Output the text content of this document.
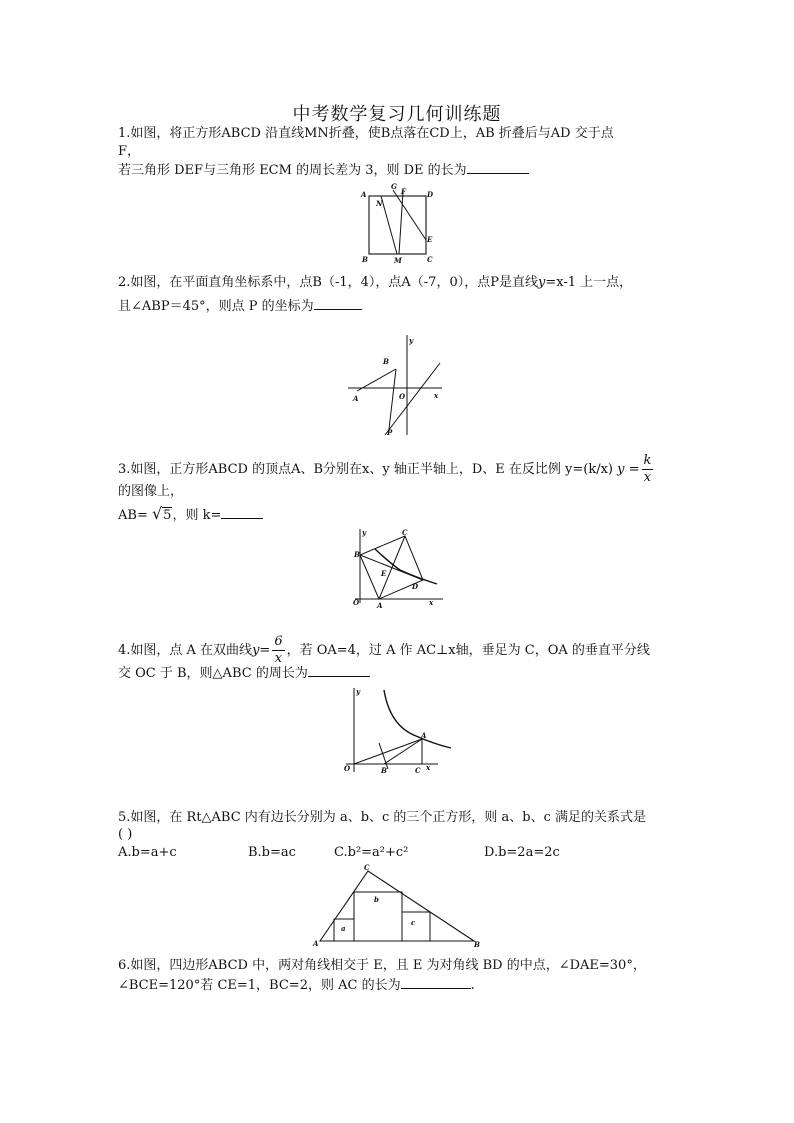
中考数学复习几何训练题
1.如图，将正方形ABCD 沿直线MN折叠，使B点落在CD上，AB 折叠后与AD 交于点
F，
若三角形 DEF与三角形 ECM 的周长差为 3，则 DE 的长为
A
G
F	D
N
E
B	M	C
2.如图，在平面直角坐标系中，点B（-1，4），点A（-7，0），点P是直线y=x-1 上一点，
且∠ABP＝45°，则点 P 的坐标为
y
B
A	O	x
P
3.如图，正方形ABCD 的顶点A、B分别在x、y 轴正半轴上，D、E 在反比例 y=(k/x) $y = \frac{k}{x}$
的图像上，
AB= √5，则 k=
y
B
C
E
D
O	A	x
4.如图，点 A 在双曲线$y= \frac{6}{x}$ ，若 OA=4，过 A 作 AC⊥x轴，垂足为 C，OA 的垂直平分线
交 OC 于 B，则△ABC 的周长为
y
A
O	B	C x
5.如图，在 Rt△ABC 内有边长分别为 a、b、c 的三个正方形，则 a、b、c 满足的关系式是
( )
A.b=a+c	B.b=ac	C.b²=a²+c²	D.b=2a=2c
C
b
c
a
A	B
6.如图，四边形ABCD 中，两对角线相交于 E，且 E 为对角线 BD 的中点，∠DAE=30°，
∠BCE=120°若 CE=1，BC=2，则 AC 的长为	.
